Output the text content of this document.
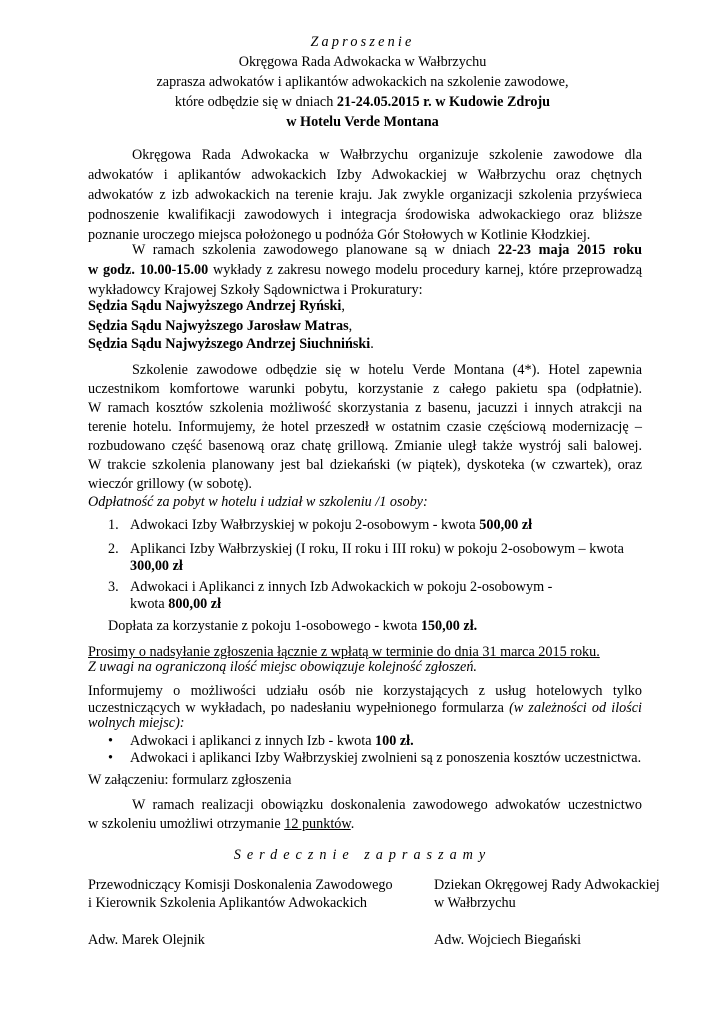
Zaproszenie
Okręgowa Rada Adwokacka w Wałbrzychu
zaprasza adwokatów i aplikantów adwokackich na szkolenie zawodowe,
które odbędzie się w dniach 21-24.05.2015 r. w Kudowie Zdroju
w Hotelu Verde Montana
Okręgowa Rada Adwokacka w Wałbrzychu organizuje szkolenie zawodowe dla
adwokatów i aplikantów adwokackich Izby Adwokackiej w Wałbrzychu oraz chętnych
adwokatów z izb adwokackich na terenie kraju. Jak zwykle organizacji szkolenia przyświeca
podnoszenie kwalifikacji zawodowych i integracja środowiska adwokackiego oraz bliższe
poznanie uroczego miejsca położonego u podnóża Gór Stołowych w Kotlinie Kłodzkiej.
W ramach szkolenia zawodowego planowane są w dniach 22-23 maja 2015 roku
w godz. 10.00-15.00 wykłady z zakresu nowego modelu procedury karnej, które przeprowadzą
wykładowcy Krajowej Szkoły Sądownictwa i Prokuratury:
Sędzia Sądu Najwyższego Andrzej Ryński,
Sędzia Sądu Najwyższego Jarosław Matras,
Sędzia Sądu Najwyższego Andrzej Siuchniński.
Szkolenie zawodowe odbędzie się w hotelu Verde Montana (4*). Hotel zapewnia
uczestnikom komfortowe warunki pobytu, korzystanie z całego pakietu spa (odpłatnie).
W ramach kosztów szkolenia możliwość skorzystania z basenu, jacuzzi i innych atrakcji na
terenie hotelu. Informujemy, że hotel przeszedł w ostatnim czasie częściową modernizację –
rozbudowano część basenową oraz chatę grillową. Zmianie uległ także wystrój sali balowej.
W trakcie szkolenia planowany jest bal dziekański (w piątek), dyskoteka (w czwartek), oraz
wieczór grillowy (w sobotę).
Odpłatność za pobyt w hotelu i udział w szkoleniu /1 osoby:
1. Adwokaci Izby Wałbrzyskiej w pokoju 2-osobowym - kwota 500,00 zł
2. Aplikanci Izby Wałbrzyskiej (I roku, II roku i III roku) w pokoju 2-osobowym – kwota
300,00 zł
3. Adwokaci i Aplikanci z innych Izb Adwokackich w pokoju 2-osobowym -
kwota 800,00 zł
Dopłata za korzystanie z pokoju 1-osobowego - kwota 150,00 zł.
Prosimy o nadsyłanie zgłoszenia łącznie z wpłatą w terminie do dnia 31 marca 2015 roku.
Z uwagi na ograniczoną ilość miejsc obowiązuje kolejność zgłoszeń.
Informujemy o możliwości udziału osób nie korzystających z usług hotelowych tylko
uczestniczących w wykładach, po nadesłaniu wypełnionego formularza (w zależności od ilości
wolnych miejsc):
• Adwokaci i aplikanci z innych Izb - kwota 100 zł.
• Adwokaci i aplikanci Izby Wałbrzyskiej zwolnieni są z ponoszenia kosztów uczestnictwa.
W załączeniu: formularz zgłoszenia
W ramach realizacji obowiązku doskonalenia zawodowego adwokatów uczestnictwo
w szkoleniu umożliwi otrzymanie 12 punktów.
Serdecznie zapraszamy
Przewodniczący Komisji Doskonalenia Zawodowego
i Kierownik Szkolenia Aplikantów Adwokackich
Adw. Marek Olejnik
Dziekan Okręgowej Rady Adwokackiej
w Wałbrzychu
Adw. Wojciech Biegański
